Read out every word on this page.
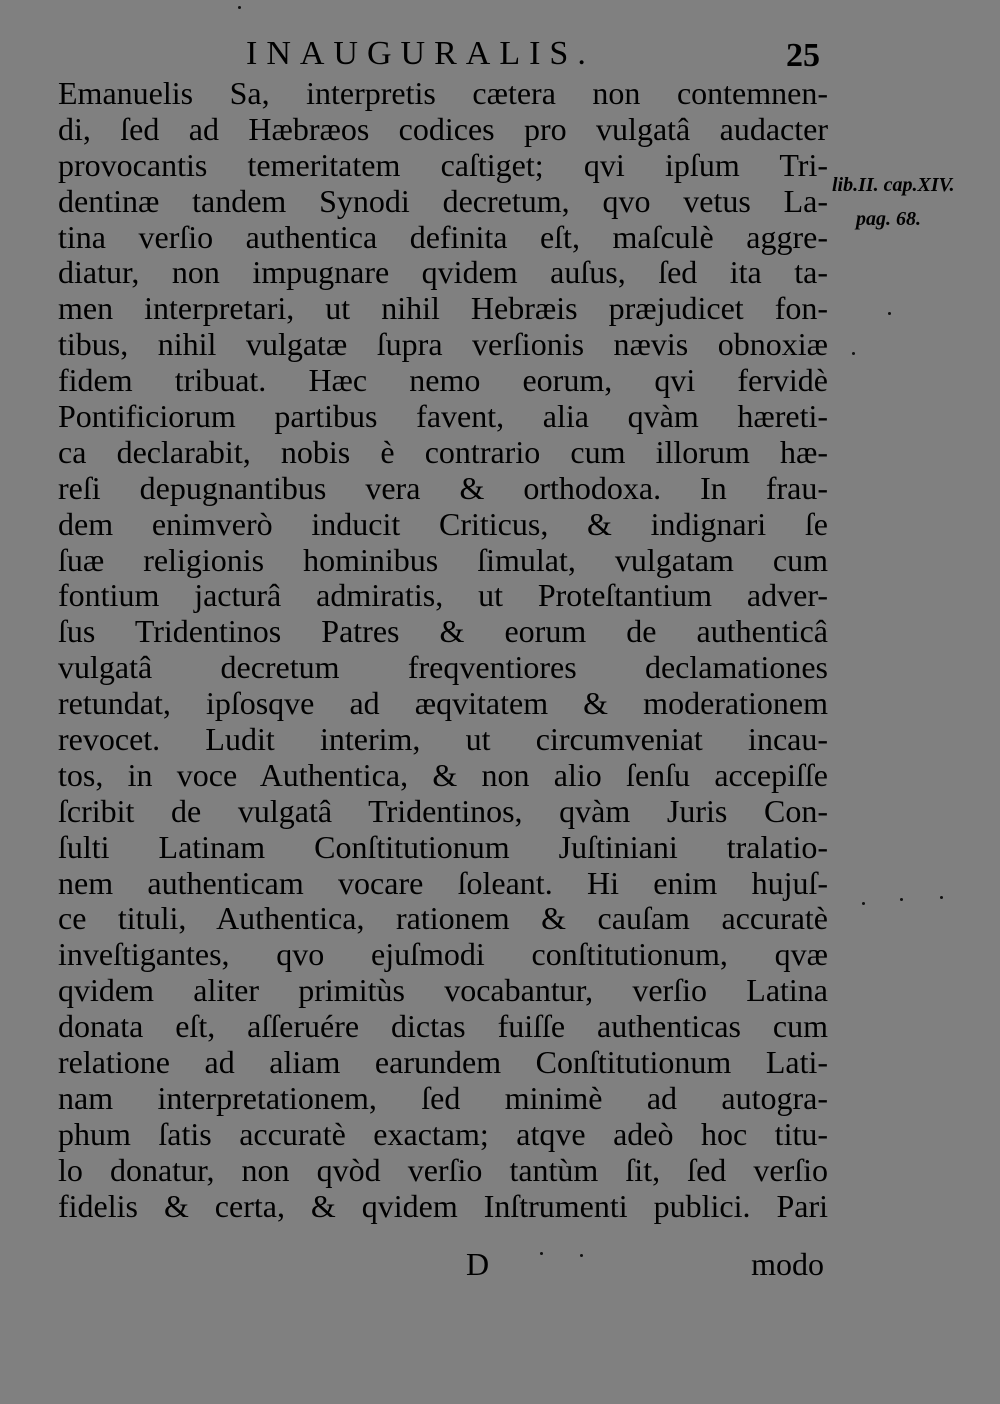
INAUGURALIS.	25
Emanuelis Sa, interpretis cætera non contemnen-
di, ſed ad Hæbræos codices pro vulgatâ audacter
provocantis temeritatem caſtiget; qvi ipſum Tri-
dentinæ tandem Synodi decretum, qvo vetus La-
tina verſio authentica definita eſt, maſculè aggre-
diatur, non impugnare qvidem auſus, ſed ita ta-
men interpretari, ut nihil Hebræis præjudicet fon-
tibus, nihil vulgatæ ſupra verſionis nævis obnoxiæ
fidem tribuat. Hæc nemo eorum, qvi fervidè
Pontificiorum partibus favent, alia qvàm hæreti-
ca declarabit, nobis è contrario cum illorum hæ-
reſi depugnantibus vera & orthodoxa. In frau-
dem enimverò inducit Criticus, & indignari ſe
ſuæ religionis hominibus ſimulat, vulgatam cum
fontium jacturâ admiratis, ut Proteſtantium adver-
ſus Tridentinos Patres & eorum de authenticâ
vulgatâ decretum freqventiores declamationes
retundat, ipſosqve ad æqvitatem & moderationem
revocet. Ludit interim, ut circumveniat incau-
tos, in voce Authentica, & non alio ſenſu accepiſſe
ſcribit de vulgatâ Tridentinos, qvàm Juris Con-
ſulti Latinam Conſtitutionum Juſtiniani tralatio-
nem authenticam vocare ſoleant. Hi enim hujuſ-
ce tituli, Authentica, rationem & cauſam accuratè
inveſtigantes, qvo ejuſmodi conſtitutionum, qvæ
qvidem aliter primitùs vocabantur, verſio Latina
donata eſt, aſſeruére dictas fuiſſe authenticas cum
relatione ad aliam earundem Conſtitutionum Lati-
nam interpretationem, ſed minimè ad autogra-
phum ſatis accuratè exactam; atqve adeò hoc titu-
lo donatur, non qvòd verſio tantùm ſit, ſed verſio
fidelis & certa, & qvidem Inſtrumenti publici. Pari
lib.II. cap.XIV.
pag. 68.
D	modo
